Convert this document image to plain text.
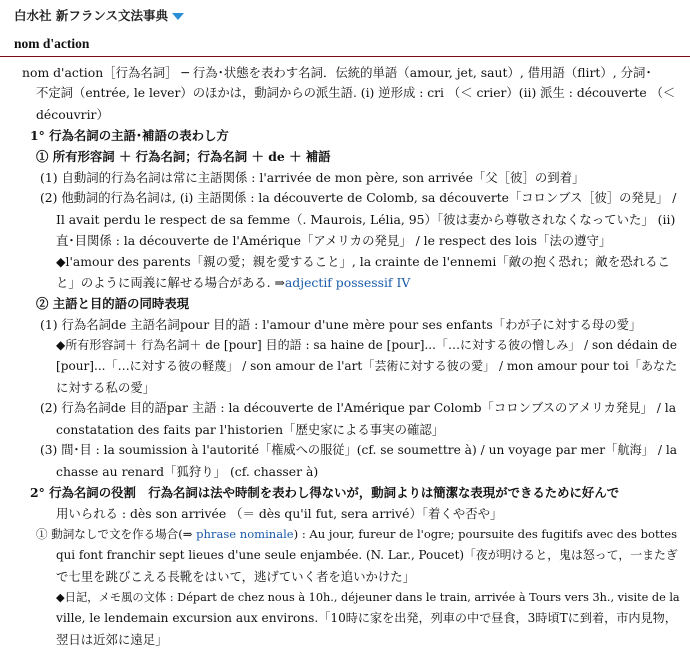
白水社 新フランス文法事典
nom d'action
nom d'action［行為名詞］ ─ 行為･状態を表わす名詞．伝統的単語（amour, jet, saut）, 借用語（flirt）, 分詞･
不定詞（entrée, le lever）のほかは，動詞からの派生語. (i) 逆形成 : cri （＜ crier）(ii) 派生 : découverte （＜
découvrir）
1° 行為名詞の主語･補語の表わし方
① 所有形容詞 ＋ 行為名詞；行為名詞 ＋ de ＋ 補語
(1) 自動詞的行為名詞は常に主語関係 : l'arrivée de mon père, son arrivée「父［彼］の到着」
(2) 他動詞的行為名詞は, (i) 主語関係 : la découverte de Colomb, sa découverte「コロンブス［彼］の発見」 /
Il avait perdu le respect de sa femme（. Maurois, Lélia, 95）「彼は妻から尊敬されなくなっていた」 (ii)
直･目関係 : la découverte de l'Amérique「アメリカの発見」 / le respect des lois「法の遵守」
◆l'amour des parents「親の愛；親を愛すること」, la crainte de l'ennemi「敵の抱く恐れ；敵を恐れるこ
と」のように両義に解せる場合がある. ⇒adjectif possessif IV
② 主語と目的語の同時表現
(1) 行為名詞de 主語名詞pour 目的語 : l'amour d'une mère pour ses enfants「わが子に対する母の愛」
◆所有形容詞＋ 行為名詞＋ de [pour] 目的語 : sa haine de [pour]...「…に対する彼の憎しみ」 / son dédain de
[pour]...「…に対する彼の軽蔑」 / son amour de l'art「芸術に対する彼の愛」 / mon amour pour toi「あなた
に対する私の愛」
(2) 行為名詞de 目的語par 主語 : la découverte de l'Amérique par Colomb「コロンブスのアメリカ発見」 / la
constatation des faits par l'historien「歴史家による事実の確認」
(3) 間･目 : la soumission à l'autorité「権威への服従」(cf. se soumettre à) / un voyage par mer「航海」 / la
chasse au renard「狐狩り」 (cf. chasser à)
2° 行為名詞の役割　行為名詞は法や時制を表わし得ないが，動詞よりは簡潔な表現ができるために好んで
用いられる : dès son arrivée （＝ dès qu'il fut, sera arrivé）「着くや否や」
① 動詞なしで文を作る場合(⇒ phrase nominale) : Au jour, fureur de l'ogre; poursuite des fugitifs avec des bottes
qui font franchir sept lieues d'une seule enjambée. (N. Lar., Poucet)「夜が明けると，鬼は怒って，一またぎ
で七里を跳びこえる長靴をはいて，逃げていく者を追いかけた」
◆日記，メモ風の文体 : Départ de chez nous à 10h., déjeuner dans le train, arrivée à Tours vers 3h., visite de la
ville, le lendemain excursion aux environs.「10時に家を出発，列車の中で昼食，3時頃Tに到着，市内見物，
翌日は近郊に遠足」
